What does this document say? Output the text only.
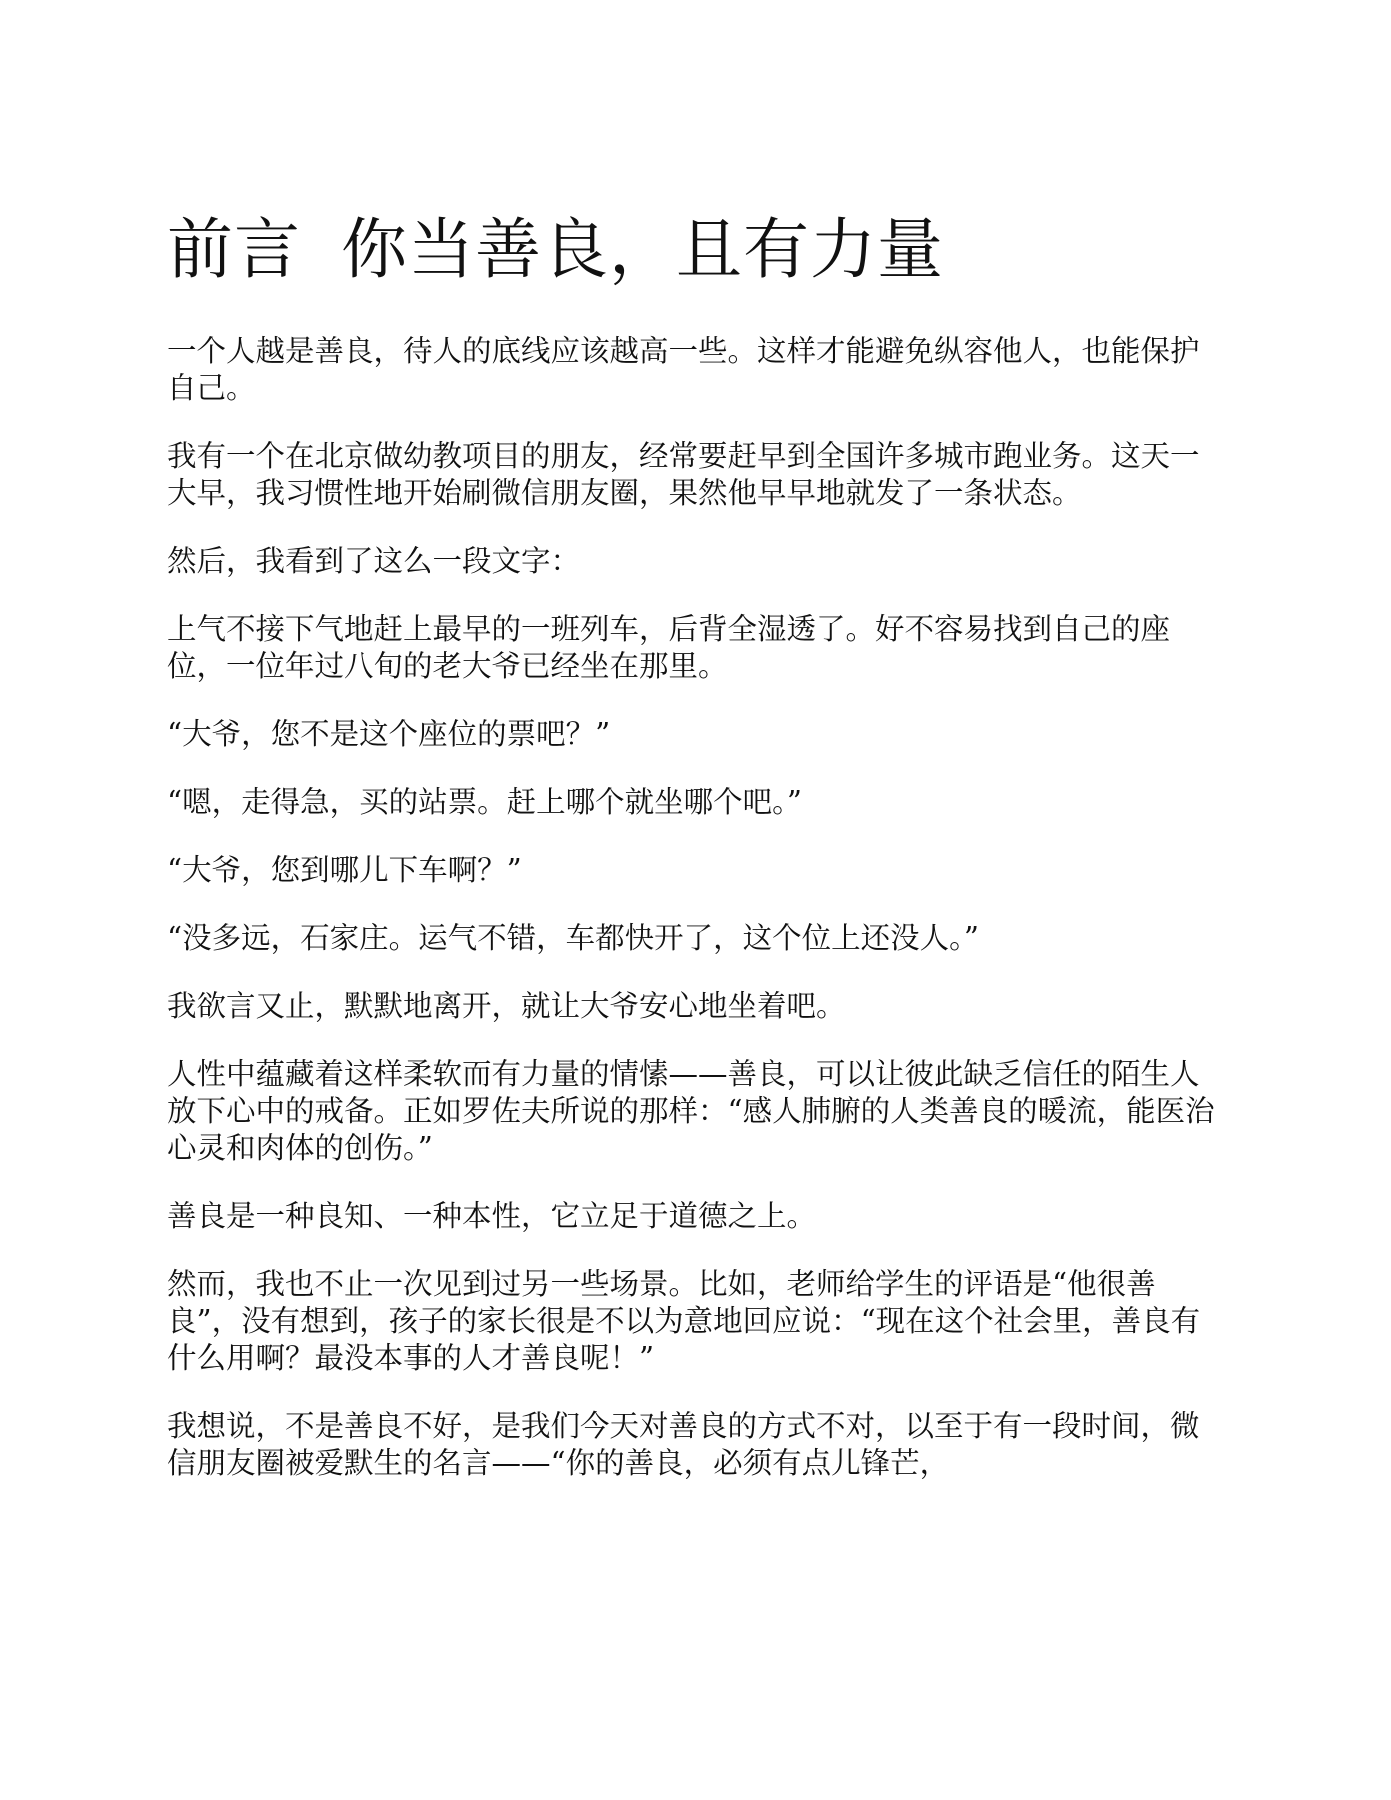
前言 你当善良，且有力量

一个人越是善良，待人的底线应该越高一些。这样才能避免纵容他人，也能保护自己。

我有一个在北京做幼教项目的朋友，经常要赶早到全国许多城市跑业务。这天一大早，我习惯性地开始刷微信朋友圈，果然他早早地就发了一条状态。

然后，我看到了这么一段文字：

上气不接下气地赶上最早的一班列车，后背全湿透了。好不容易找到自己的座位，一位年过八旬的老大爷已经坐在那里。

“大爷，您不是这个座位的票吧？”

“嗯，走得急，买的站票。赶上哪个就坐哪个吧。”

“大爷，您到哪儿下车啊？”

“没多远，石家庄。运气不错，车都快开了，这个位上还没人。”

我欲言又止，默默地离开，就让大爷安心地坐着吧。

人性中蕴藏着这样柔软而有力量的情愫——善良，可以让彼此缺乏信任的陌生人放下心中的戒备。正如罗佐夫所说的那样：“感人肺腑的人类善良的暖流，能医治心灵和肉体的创伤。”

善良是一种良知、一种本性，它立足于道德之上。

然而，我也不止一次见到过另一些场景。比如，老师给学生的评语是“他很善良”，没有想到，孩子的家长很是不以为意地回应说：“现在这个社会里，善良有什么用啊？最没本事的人才善良呢！”

我想说，不是善良不好，是我们今天对善良的方式不对，以至于有一段时间，微信朋友圈被爱默生的名言——“你的善良，必须有点儿锋芒，
